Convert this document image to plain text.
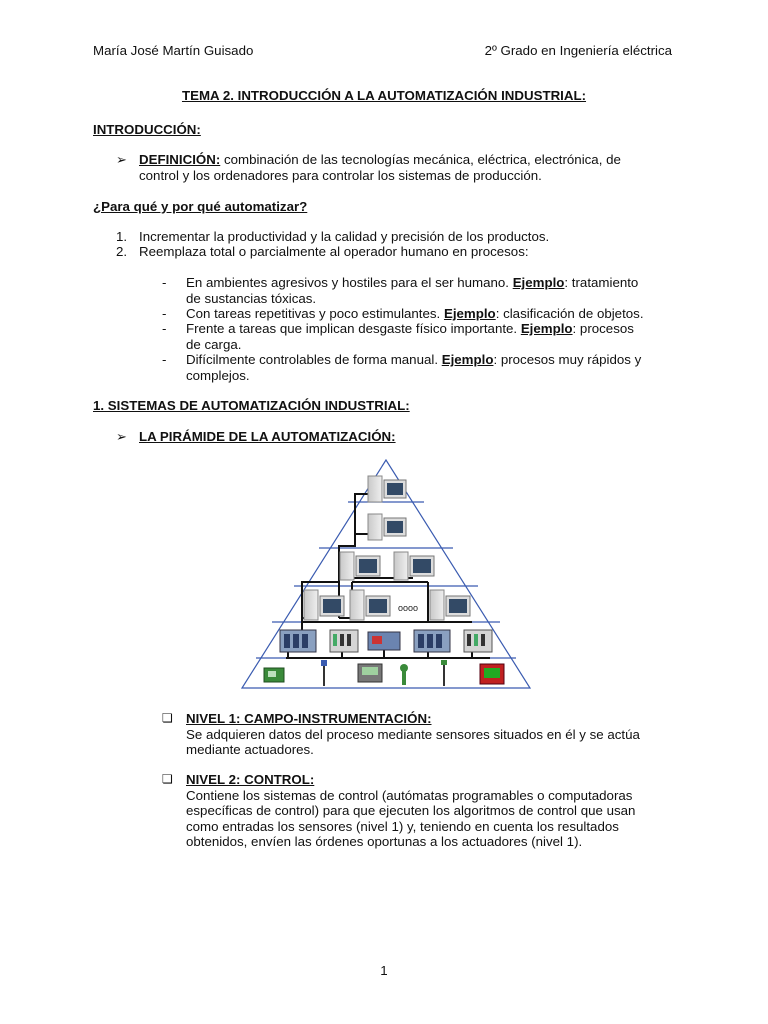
María José Martín Guisado	2º Grado en Ingeniería eléctrica
TEMA 2. INTRODUCCIÓN A LA AUTOMATIZACIÓN INDUSTRIAL:
INTRODUCCIÓN:
➢ DEFINICIÓN: combinación de las tecnologías mecánica, eléctrica, electrónica, de
control y los ordenadores para controlar los sistemas de producción.
¿Para qué y por qué automatizar?
1. Incrementar la productividad y la calidad y precisión de los productos.
2. Reemplaza total o parcialmente al operador humano en procesos:
- En ambientes agresivos y hostiles para el ser humano. Ejemplo: tratamiento
de sustancias tóxicas.
- Con tareas repetitivas y poco estimulantes. Ejemplo: clasificación de objetos.
- Frente a tareas que implican desgaste físico importante. Ejemplo: procesos
de carga.
- Difícilmente controlables de forma manual. Ejemplo: procesos muy rápidos y
complejos.
1. SISTEMAS DE AUTOMATIZACIÓN INDUSTRIAL:
➢ LA PIRÁMIDE DE LA AUTOMATIZACIÓN:
oooo
❏ NIVEL 1: CAMPO-INSTRUMENTACIÓN:
Se adquieren datos del proceso mediante sensores situados en él y se actúa
mediante actuadores.
❏ NIVEL 2: CONTROL:
Contiene los sistemas de control (autómatas programables o computadoras
específicas de control) para que ejecuten los algoritmos de control que usan
como entradas los sensores (nivel 1) y, teniendo en cuenta los resultados
obtenidos, envíen las órdenes oportunas a los actuadores (nivel 1).
1
